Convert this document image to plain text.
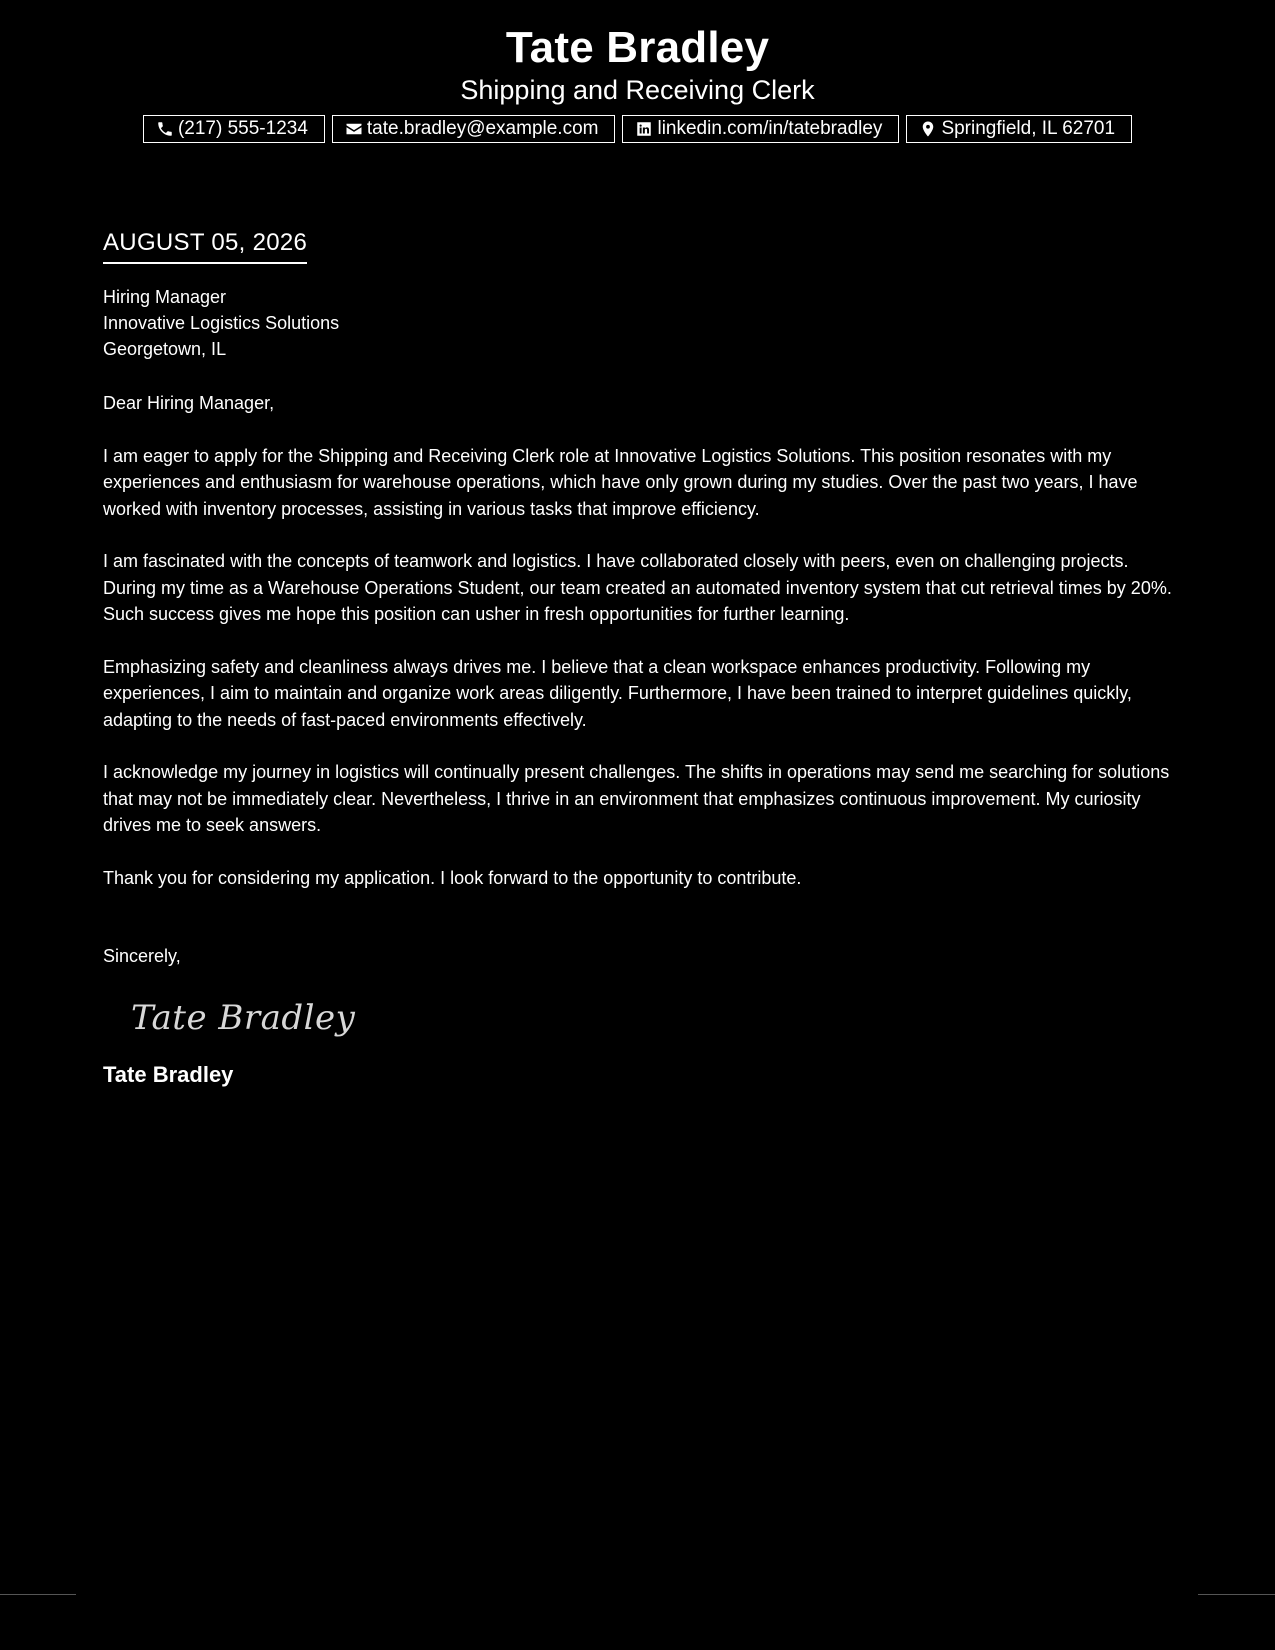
Tate Bradley
Shipping and Receiving Clerk
(217) 555-1234	tate.bradley@example.com	linkedin.com/in/tatebradley	Springfield, IL 62701
AUGUST 05, 2026
Hiring Manager
Innovative Logistics Solutions
Georgetown, IL
Dear Hiring Manager,

I am eager to apply for the Shipping and Receiving Clerk role at Innovative Logistics Solutions. This position resonates with my experiences and enthusiasm for warehouse operations, which have only grown during my studies. Over the past two years, I have worked with inventory processes, assisting in various tasks that improve efficiency.

I am fascinated with the concepts of teamwork and logistics. I have collaborated closely with peers, even on challenging projects. During my time as a Warehouse Operations Student, our team created an automated inventory system that cut retrieval times by 20%. Such success gives me hope this position can usher in fresh opportunities for further learning.

Emphasizing safety and cleanliness always drives me. I believe that a clean workspace enhances productivity. Following my experiences, I aim to maintain and organize work areas diligently. Furthermore, I have been trained to interpret guidelines quickly, adapting to the needs of fast-paced environments effectively.

I acknowledge my journey in logistics will continually present challenges. The shifts in operations may send me searching for solutions that may not be immediately clear. Nevertheless, I thrive in an environment that emphasizes continuous improvement. My curiosity drives me to seek answers.

Thank you for considering my application. I look forward to the opportunity to contribute.

Sincerely,
Tate Bradley
Tate Bradley
